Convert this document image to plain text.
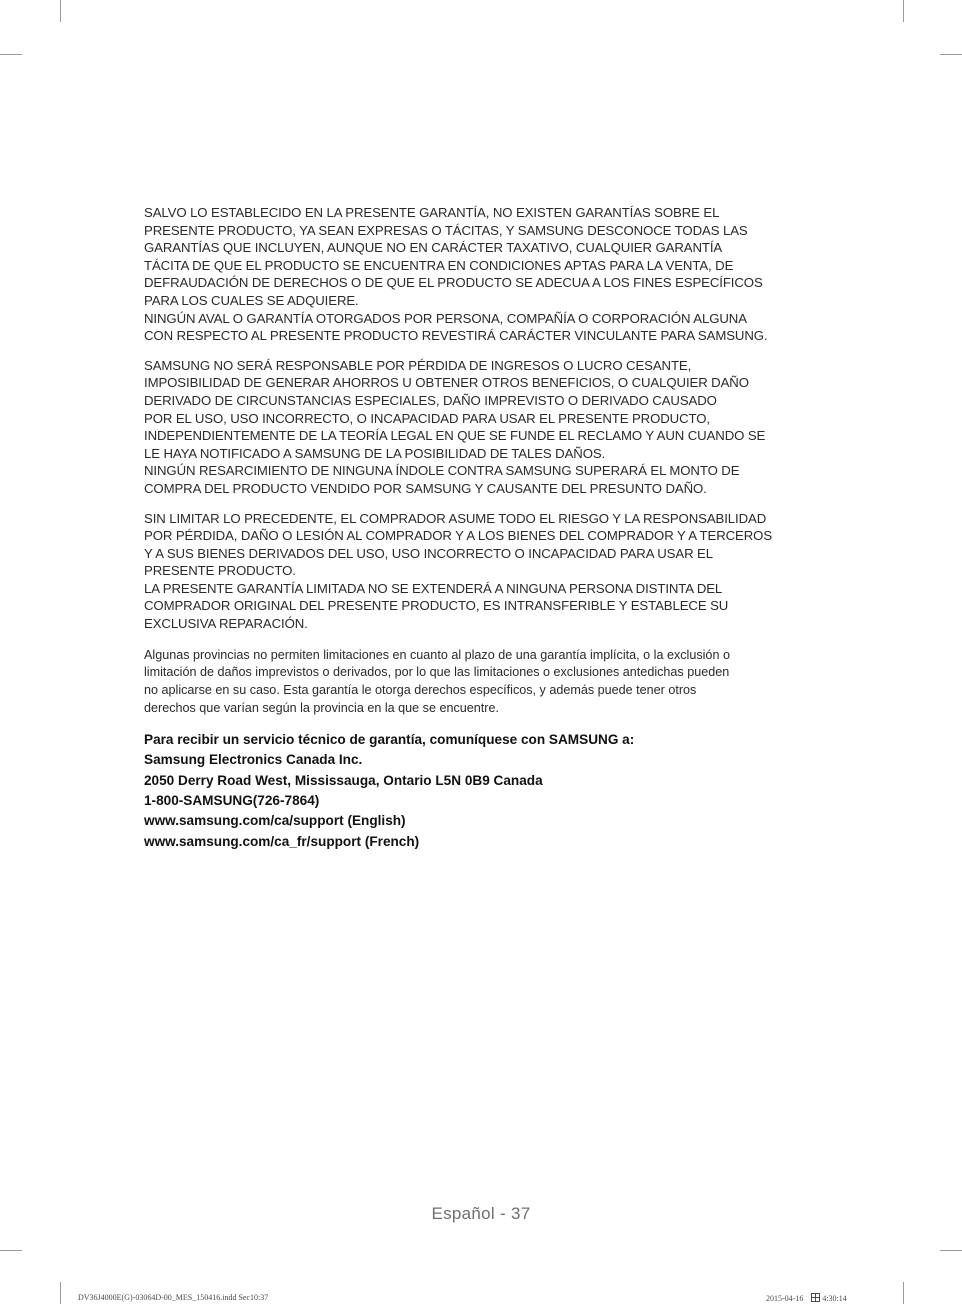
SALVO LO ESTABLECIDO EN LA PRESENTE GARANTÍA, NO EXISTEN GARANTÍAS SOBRE EL
PRESENTE PRODUCTO, YA SEAN EXPRESAS O TÁCITAS, Y SAMSUNG DESCONOCE TODAS LAS
GARANTÍAS QUE INCLUYEN, AUNQUE NO EN CARÁCTER TAXATIVO, CUALQUIER GARANTÍA
TÁCITA DE QUE EL PRODUCTO SE ENCUENTRA EN CONDICIONES APTAS PARA LA VENTA, DE
DEFRAUDACIÓN DE DERECHOS O DE QUE EL PRODUCTO SE ADECUA A LOS FINES ESPECÍFICOS
PARA LOS CUALES SE ADQUIERE.
NINGÚN AVAL O GARANTÍA OTORGADOS POR PERSONA, COMPAÑÍA O CORPORACIÓN ALGUNA
CON RESPECTO AL PRESENTE PRODUCTO REVESTIRÁ CARÁCTER VINCULANTE PARA SAMSUNG.

SAMSUNG NO SERÁ RESPONSABLE POR PÉRDIDA DE INGRESOS O LUCRO CESANTE,
IMPOSIBILIDAD DE GENERAR AHORROS U OBTENER OTROS BENEFICIOS, O CUALQUIER DAÑO
DERIVADO DE CIRCUNSTANCIAS ESPECIALES, DAÑO IMPREVISTO O DERIVADO CAUSADO
POR EL USO, USO INCORRECTO, O INCAPACIDAD PARA USAR EL PRESENTE PRODUCTO,
INDEPENDIENTEMENTE DE LA TEORÍA LEGAL EN QUE SE FUNDE EL RECLAMO Y AUN CUANDO SE
LE HAYA NOTIFICADO A SAMSUNG DE LA POSIBILIDAD DE TALES DAÑOS.
NINGÚN RESARCIMIENTO DE NINGUNA ÍNDOLE CONTRA SAMSUNG SUPERARÁ EL MONTO DE
COMPRA DEL PRODUCTO VENDIDO POR SAMSUNG Y CAUSANTE DEL PRESUNTO DAÑO.

SIN LIMITAR LO PRECEDENTE, EL COMPRADOR ASUME TODO EL RIESGO Y LA RESPONSABILIDAD
POR PÉRDIDA, DAÑO O LESIÓN AL COMPRADOR Y A LOS BIENES DEL COMPRADOR Y A TERCEROS
Y A SUS BIENES DERIVADOS DEL USO, USO INCORRECTO O INCAPACIDAD PARA USAR EL
PRESENTE PRODUCTO.
LA PRESENTE GARANTÍA LIMITADA NO SE EXTENDERÁ A NINGUNA PERSONA DISTINTA DEL
COMPRADOR ORIGINAL DEL PRESENTE PRODUCTO, ES INTRANSFERIBLE Y ESTABLECE SU
EXCLUSIVA REPARACIÓN.

Algunas provincias no permiten limitaciones en cuanto al plazo de una garantía implícita, o la exclusión o
limitación de daños imprevistos o derivados, por lo que las limitaciones o exclusiones antedichas pueden
no aplicarse en su caso. Esta garantía le otorga derechos específicos, y además puede tener otros
derechos que varían según la provincia en la que se encuentre.

Para recibir un servicio técnico de garantía, comuníquese con SAMSUNG a:
Samsung Electronics Canada Inc.
2050 Derry Road West, Mississauga, Ontario L5N 0B9 Canada
1-800-SAMSUNG(726-7864)
www.samsung.com/ca/support (English)
www.samsung.com/ca_fr/support (French)
Español - 37
DV36J4000E(G)-03064D-00_MES_150416.indd Sec10:37	2015-04-16 4:30:14
